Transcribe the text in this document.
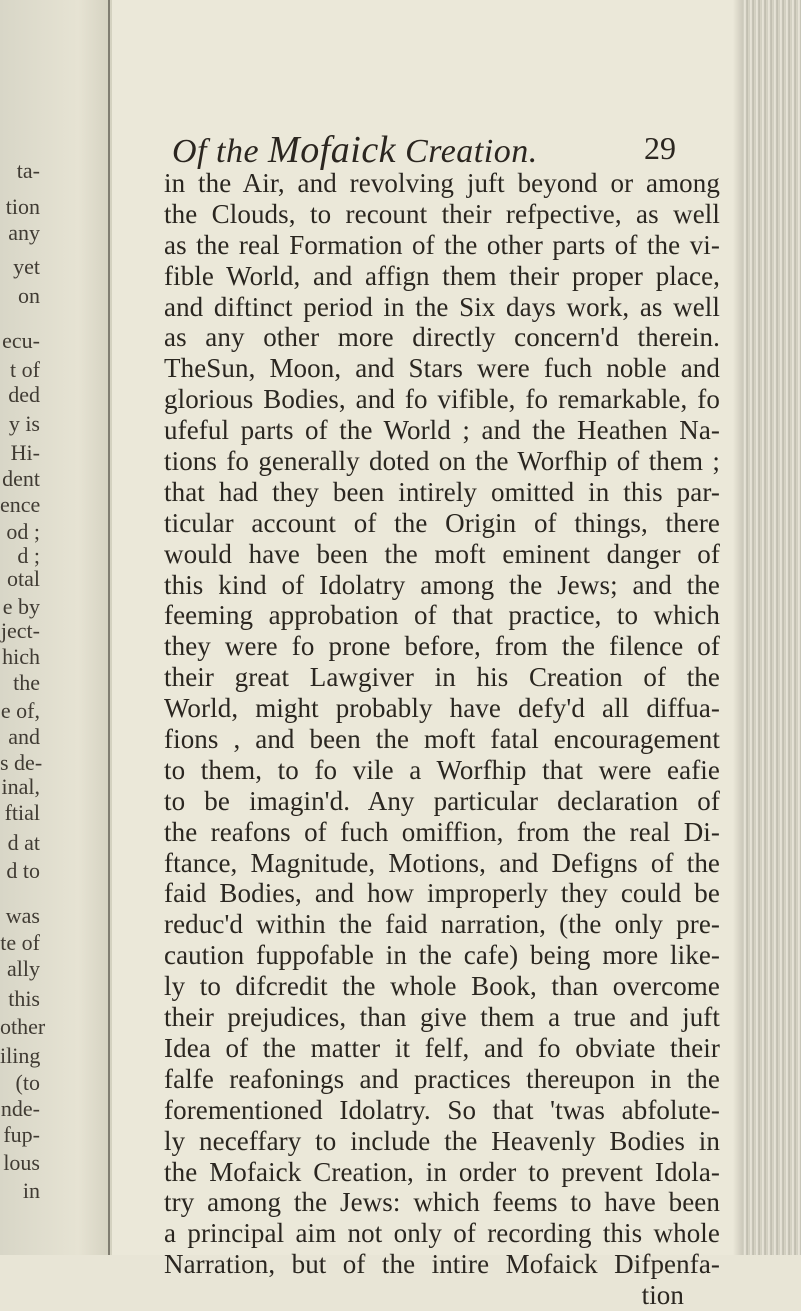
ta-
tion
any
yet
on
ecu-
t of
ded
y is
Hi-
dent
ence
od ;
d ;
otal
e by
ject-
hich
the
e of,
and
s de-
inal,
ftial
d at
d to
was
te of
ally
this
other
iling
(to
nde-
fup-
lous
in
Of the Mofaick Creation.	29
in the Air, and revolving juft beyond or among
the Clouds, to recount their refpective, as well
as the real Formation of the other parts of the vi-
fible World, and affign them their proper place,
and diftinct period in the Six days work, as well
as any other more directly concern'd therein.
TheSun, Moon, and Stars were fuch noble and
glorious Bodies, and fo vifible, fo remarkable, fo
ufeful parts of the World ; and the Heathen Na-
tions fo generally doted on the Worfhip of them ;
that had they been intirely omitted in this par-
ticular account of the Origin of things, there
would have been the moft eminent danger of
this kind of Idolatry among the Jews; and the
feeming approbation of that practice, to which
they were fo prone before, from the filence of
their great Lawgiver in his Creation of the
World, might probably have defy'd all diffua-
fions , and been the moft fatal encouragement
to them, to fo vile a Worfhip that were eafie
to be imagin'd. Any particular declaration of
the reafons of fuch omiffion, from the real Di-
ftance, Magnitude, Motions, and Defigns of the
faid Bodies, and how improperly they could be
reduc'd within the faid narration, (the only pre-
caution fuppofable in the cafe) being more like-
ly to difcredit the whole Book, than overcome
their prejudices, than give them a true and juft
Idea of the matter it felf, and fo obviate their
falfe reafonings and practices thereupon in the
forementioned Idolatry. So that 'twas abfolute-
ly neceffary to include the Heavenly Bodies in
the Mofaick Creation, in order to prevent Idola-
try among the Jews: which feems to have been
a principal aim not only of recording this whole
Narration, but of the intire Mofaick Difpenfa-
tion
